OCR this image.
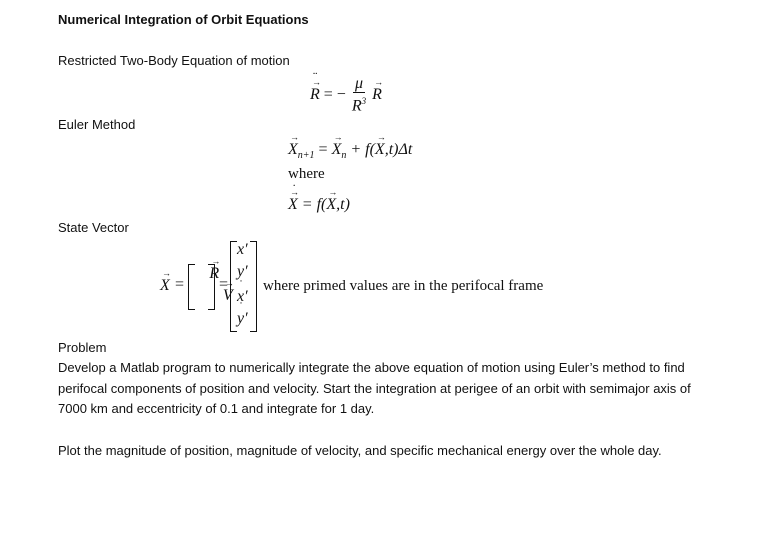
Numerical Integration of Orbit Equations
Restricted Two-Body Equation of motion
→ R ¨ = − $\frac{\mu}{R^3} \to R$
Euler Method
→ $X_{n+1}$ = → $X_n + f(\to X,t)\Delta t$
where
→ X ˙ = f(→ X,t)
State Vector
→ X =
→ R → V
=
x′
y′
x′ ˙
y′ ˙
where primed values are in the perifocal frame
Problem
Develop a Matlab program to numerically integrate the above equation of motion using Euler’s method to find perifocal components of position and velocity. Start the integration at perigee of an orbit with semimajor axis of 7000 km and eccentricity of 0.1 and integrate for 1 day.
Plot the magnitude of position, magnitude of velocity, and specific mechanical energy over the whole day.
